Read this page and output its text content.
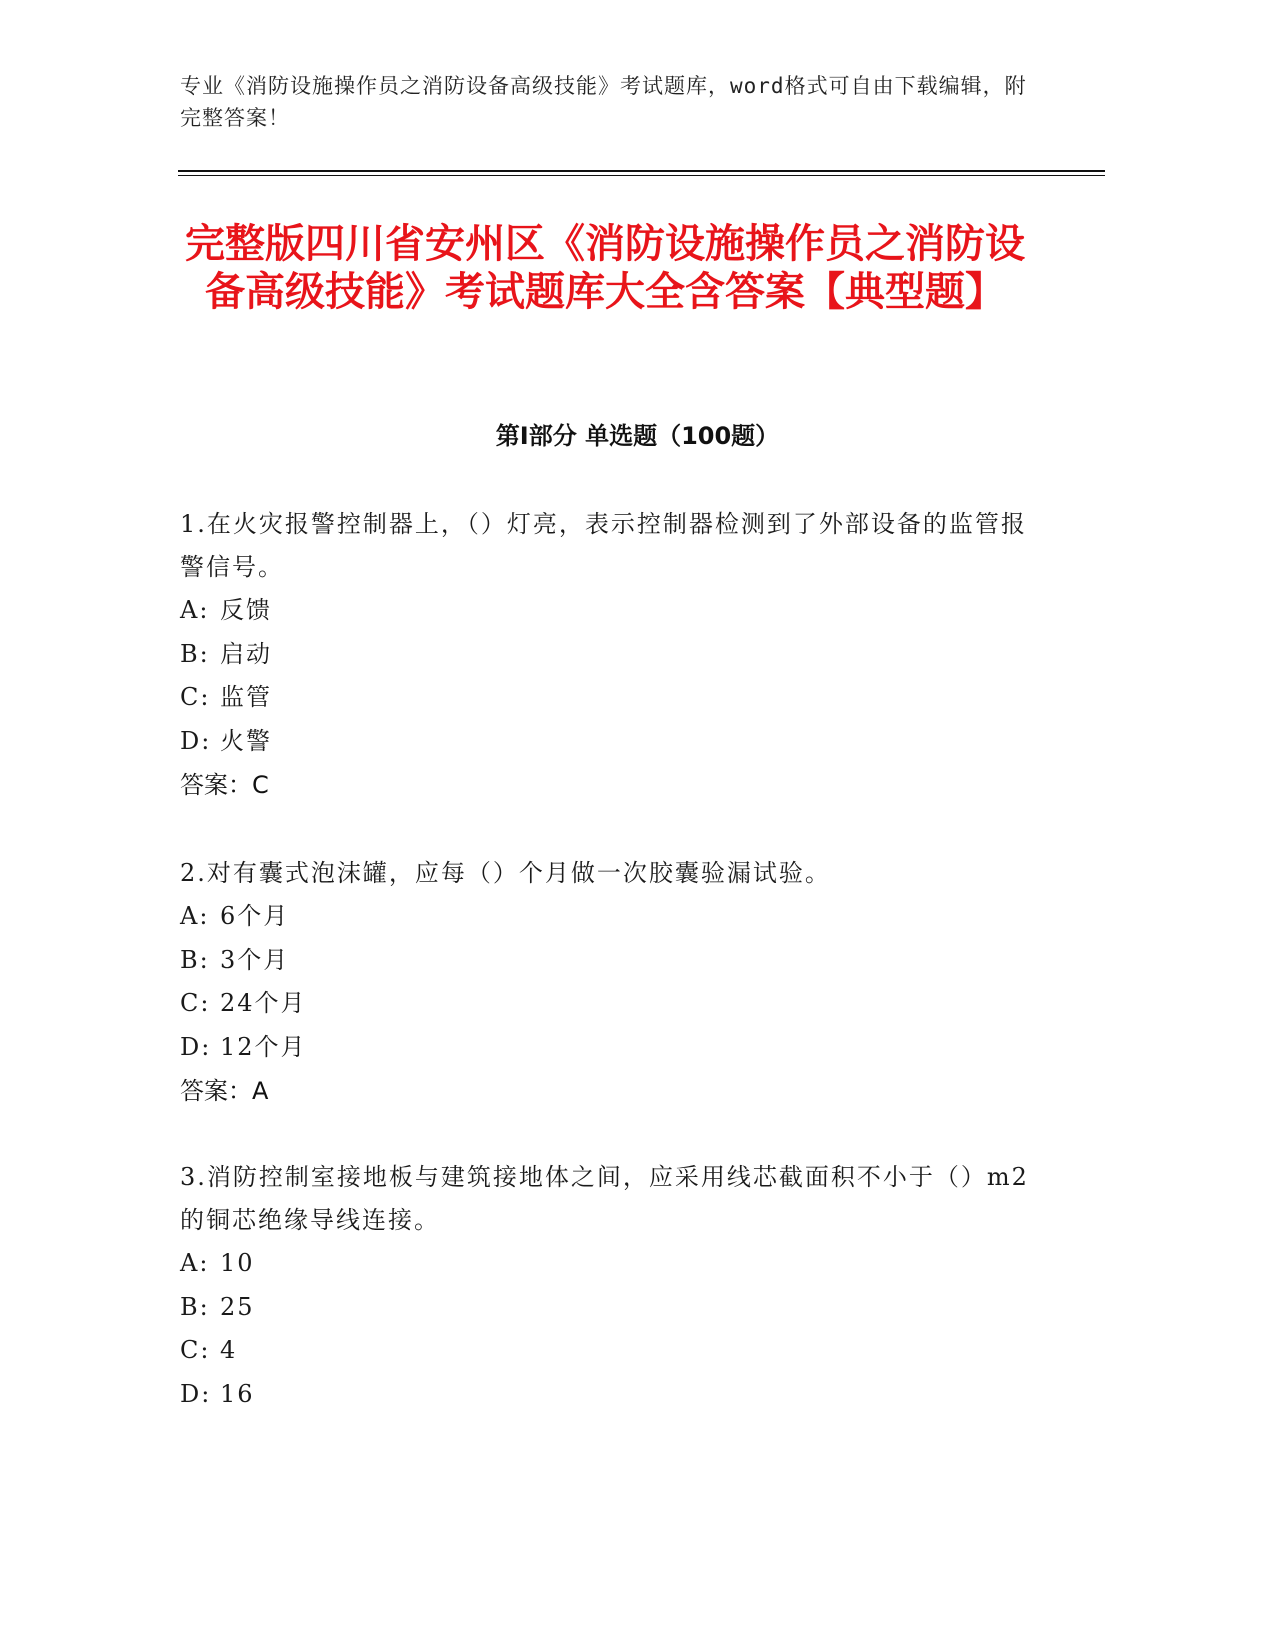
专业《消防设施操作员之消防设备高级技能》考试题库，word格式可自由下载编辑，附完整答案！
完整版四川省安州区《消防设施操作员之消防设备高级技能》考试题库大全含答案【典型题】
第I部分 单选题（100题）

1.在火灾报警控制器上，（）灯亮，表示控制器检测到了外部设备的监管报警信号。

A: 反馈
B: 启动
C: 监管
D: 火警
答案：C

2.对有囊式泡沫罐，应每（）个月做一次胶囊验漏试验。

A: 6个月
B: 3个月
C: 24个月
D: 12个月
答案：A

3.消防控制室接地板与建筑接地体之间，应采用线芯截面积不小于（）m2的铜芯绝缘导线连接。

A: 10
B: 25
C: 4
D: 16
